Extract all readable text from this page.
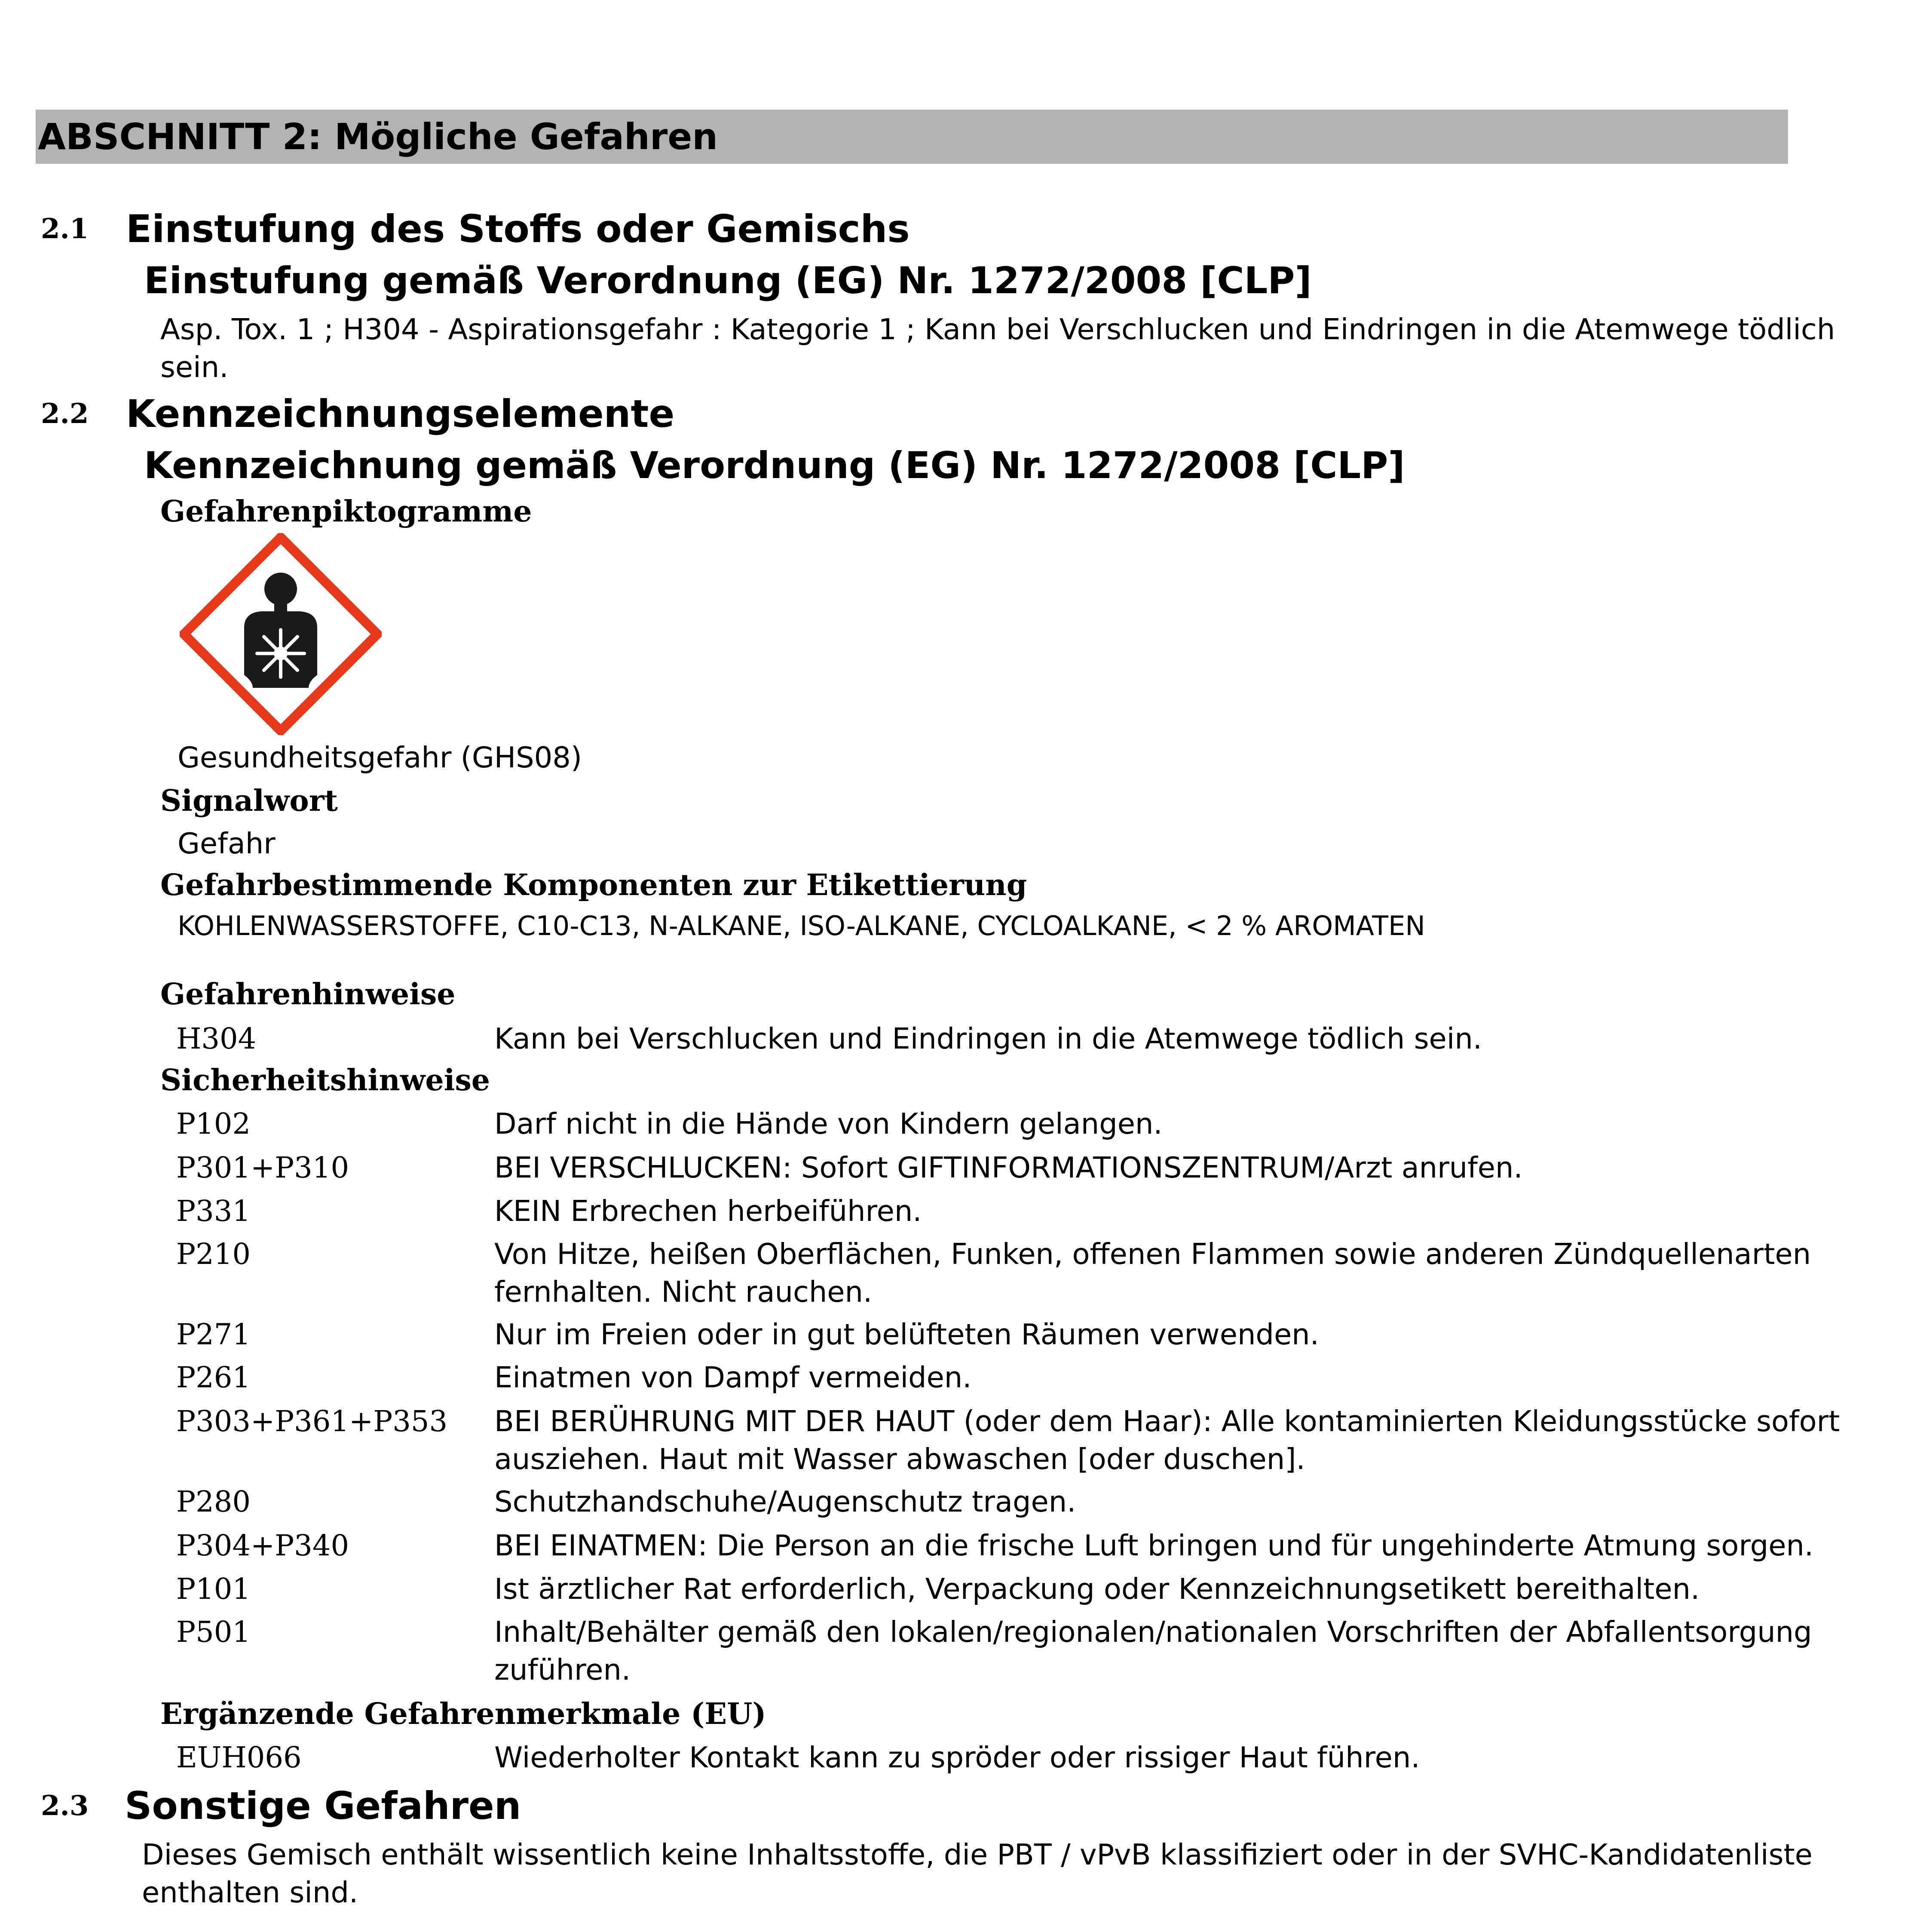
ABSCHNITT 2: Mögliche Gefahren
2.1 Einstufung des Stoffs oder Gemischs
Einstufung gemäß Verordnung (EG) Nr. 1272/2008 [CLP]
Asp. Tox. 1 ; H304 - Aspirationsgefahr : Kategorie 1 ; Kann bei Verschlucken und Eindringen in die Atemwege tödlich
sein.
2.2 Kennzeichnungselemente
Kennzeichnung gemäß Verordnung (EG) Nr. 1272/2008 [CLP]
Gefahrenpiktogramme
Gesundheitsgefahr (GHS08)
Signalwort
Gefahr
Gefahrbestimmende Komponenten zur Etikettierung
KOHLENWASSERSTOFFE, C10-C13, N-ALKANE, ISO-ALKANE, CYCLOALKANE, < 2 % AROMATEN
Gefahrenhinweise
H304	Kann bei Verschlucken und Eindringen in die Atemwege tödlich sein.
Sicherheitshinweise
P102	Darf nicht in die Hände von Kindern gelangen.
P301+P310	BEI VERSCHLUCKEN: Sofort GIFTINFORMATIONSZENTRUM/Arzt anrufen.
P331	KEIN Erbrechen herbeiführen.
P210	Von Hitze, heißen Oberflächen, Funken, offenen Flammen sowie anderen Zündquellenarten
fernhalten. Nicht rauchen.
P271	Nur im Freien oder in gut belüfteten Räumen verwenden.
P261	Einatmen von Dampf vermeiden.
P303+P361+P353 BEI BERÜHRUNG MIT DER HAUT (oder dem Haar): Alle kontaminierten Kleidungsstücke sofort
ausziehen. Haut mit Wasser abwaschen [oder duschen].
P280	Schutzhandschuhe/Augenschutz tragen.
P304+P340	BEI EINATMEN: Die Person an die frische Luft bringen und für ungehinderte Atmung sorgen.
P101	Ist ärztlicher Rat erforderlich, Verpackung oder Kennzeichnungsetikett bereithalten.
P501	Inhalt/Behälter gemäß den lokalen/regionalen/nationalen Vorschriften der Abfallentsorgung
zuführen.
Ergänzende Gefahrenmerkmale (EU)
EUH066	Wiederholter Kontakt kann zu spröder oder rissiger Haut führen.
2.3 Sonstige Gefahren
Dieses Gemisch enthält wissentlich keine Inhaltsstoffe, die PBT / vPvB klassifiziert oder in der SVHC-Kandidatenliste
enthalten sind.
